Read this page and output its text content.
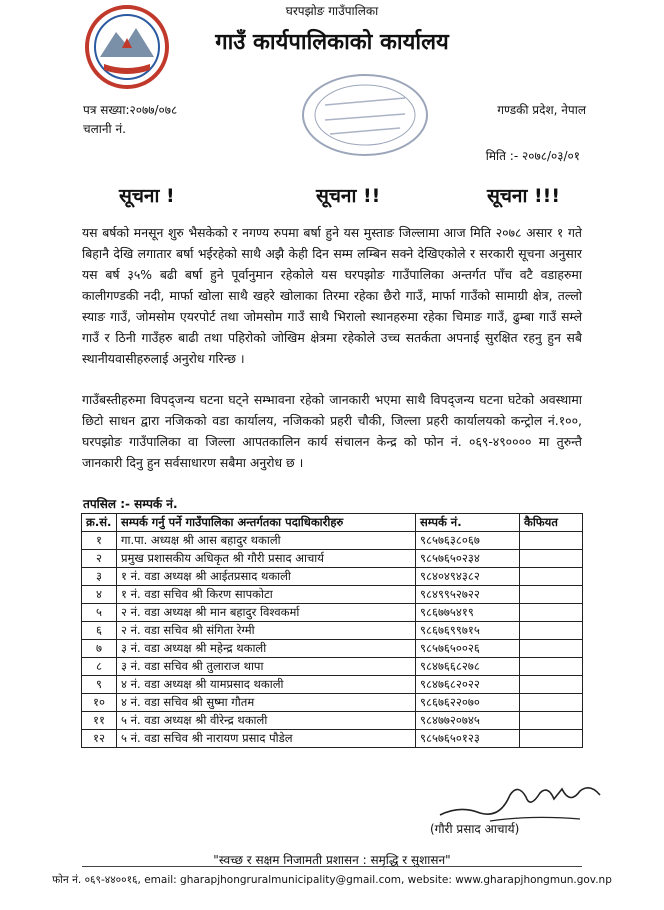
घरपझोङ गाउँपालिका
गाउँ कार्यपालिकाको कार्यालय
पत्र सख्या:२०७७/०७८
चलानी नं.
गण्डकी प्रदेश, नेपाल
मिति :- २०७८/०३/०१
सूचना !	सूचना !!	सूचना !!!
यस बर्षको मनसून शुरु भैसकेको र नगण्य रुपमा बर्षा हुने यस मुस्ताङ जिल्लामा आज मिति २०७८ असार १ गते बिहानै देखि लगातार बर्षा भईरहेको साथै अझै केही दिन सम्म लम्बिन सक्ने देखिएकोले र सरकारी सूचना अनुसार यस बर्ष ३५% बढी बर्षा हुने पूर्वानुमान रहेकोले यस घरपझोङ गाउँपालिका अन्तर्गत पाँच वटै वडाहरुमा कालीगण्डकी नदी, मार्फा खोला साथै खहरे खोलाका तिरमा रहेका छैरो गाउँ, मार्फा गाउँको सामाग्री क्षेत्र, तल्लो स्याङ गाउँ, जोमसोम एयरपोर्ट तथा जोमसोम गाउँ साथै भिरालो स्थानहरुमा रहेका चिमाङ गाउँ, ढुम्बा गाउँ सम्ले गाउँ र ठिनी गाउँहरु बाढी तथा पहिरोको जोखिम क्षेत्रमा रहेकोले उच्च सतर्कता अपनाई सुरक्षित रहनु हुन सबै स्थानीयवासीहरुलाई अनुरोध गरिन्छ ।
गाउँबस्तीहरुमा विपद्जन्य घटना घट्ने सम्भावना रहेको जानकारी भएमा साथै विपद्जन्य घटना घटेको अवस्थामा छिटो साधन द्वारा नजिकको वडा कार्यालय, नजिकको प्रहरी चौकी, जिल्ला प्रहरी कार्यालयको कन्ट्रोल नं.१००, घरपझोङ गाउँपालिका वा जिल्ला आपतकालिन कार्य संचालन केन्द्र को फोन नं. ०६९-४९०००० मा तुरुन्तै जानकारी दिनु हुन सर्वसाधारण सबैमा अनुरोध छ ।
तपसिल :- सम्पर्क नं.
क्र.सं.	सम्पर्क गर्नु पर्ने गाउँपालिका अन्तर्गतका पदाधिकारीहरु	सम्पर्क नं.	कैफियत
१	गा.पा. अध्यक्ष श्री आस बहादुर थकाली	९८५७६३८०६७	
२	प्रमुख प्रशासकीय अधिकृत श्री गौरी प्रसाद आचार्य	९८५७६५०२३४	
३	१ नं. वडा अध्यक्ष श्री आईतप्रसाद थकाली	९८४०४९४३८२	
४	१ नं. वडा सचिव श्री किरण सापकोटा	९८४९९५२७२२	
५	२ नं. वडा अध्यक्ष श्री मान बहादुर विश्वकर्मा	९८६७७५४१९	
६	२ नं. वडा सचिव श्री संगिता रेग्मी	९८६७६९९७१५	
७	३ नं. वडा अध्यक्ष श्री महेन्द्र थकाली	९८५७६५००२६	
८	३ नं. वडा सचिव श्री तुलाराज थापा	९८४७६६८२७८	
९	४ नं. वडा अध्यक्ष श्री यामप्रसाद थकाली	९८४७६८२०२२	
१०	४ नं. वडा सचिव श्री सुष्मा गौतम	९८६७६२२०७०	
११	५ नं. वडा अध्यक्ष श्री वीरेन्द्र थकाली	९८४७७२०७४५	
१२	५ नं. वडा सचिव श्री नारायण प्रसाद पौडेल	९८५७६५०१२३	
(गौरी प्रसाद आचार्य)
"स्वच्छ र सक्षम निजामती प्रशासन : समृद्धि र सुशासन"
फोन नं. ०६९-४४००१६, email: gharapjhongruralmunicipality@gmail.com, website: www.gharapjhongmun.gov.np
